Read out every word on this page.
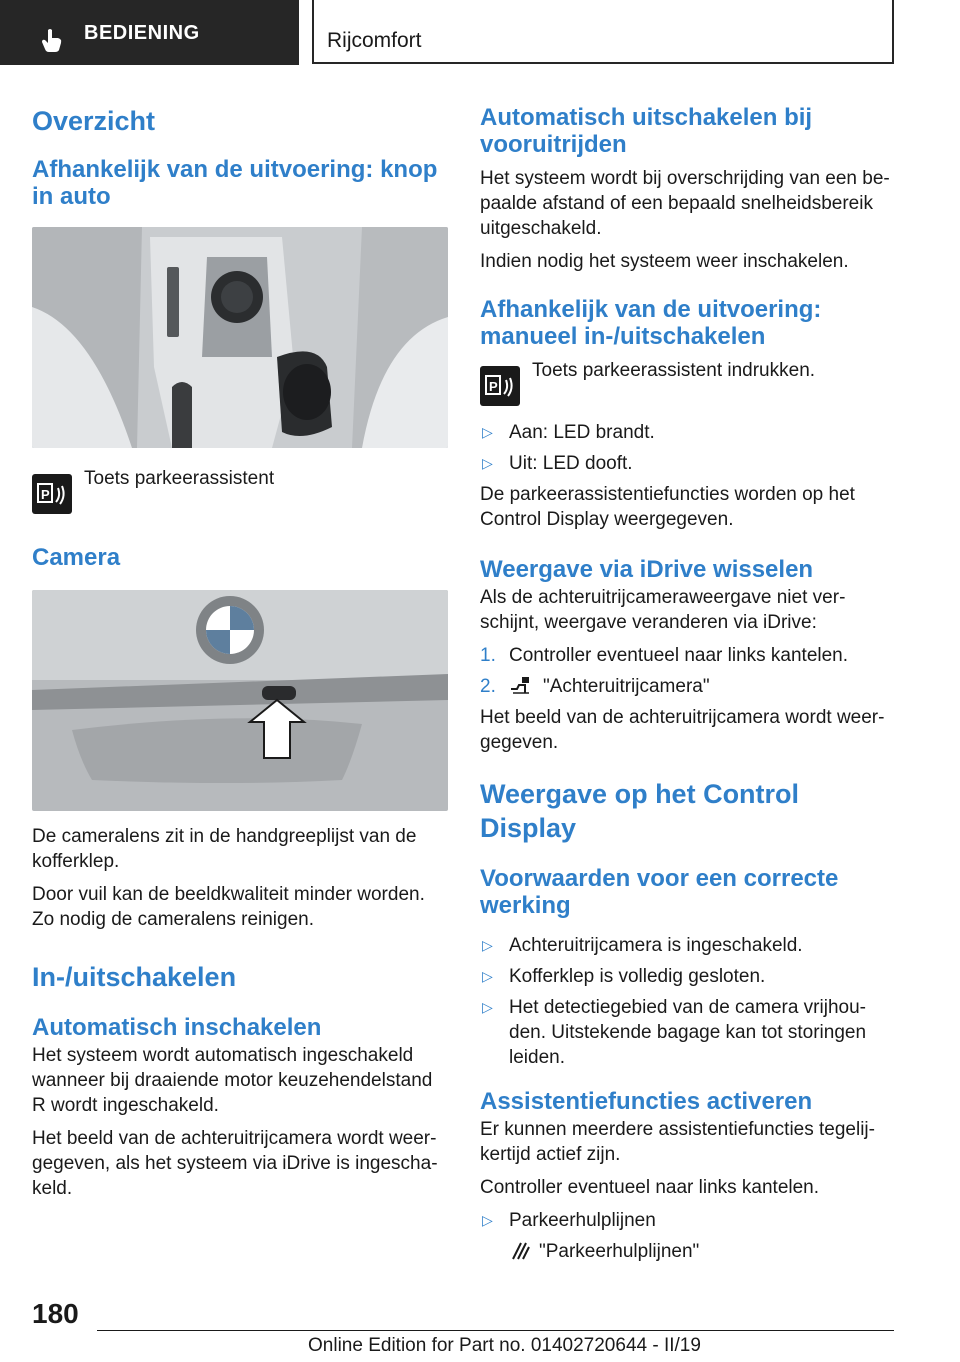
BEDIENING	Rijcomfort
Overzicht
Afhankelijk van de uitvoering: knop in auto
P
Toets parkeerassistent
Camera

De cameralens zit in de handgreeplijst van de kofferklep.

Door vuil kan de beeldkwaliteit minder worden. Zo nodig de cameralens reinigen.

In-/uitschakelen
Automatisch inschakelen

Het systeem wordt automatisch ingeschakeld wanneer bij draaiende motor keuzehendelstand R wordt ingeschakeld.

Het beeld van de achteruitrijcamera wordt weergegeven, als het systeem via iDrive is ingeschakeld.

Automatisch uitschakelen bij vooruitrijden

Het systeem wordt bij overschrijding van een bepaalde afstand of een bepaald snelheidsbereik uitgeschakeld.

Indien nodig het systeem weer inschakelen.

Afhankelijk van de uitvoering: manueel in-/uitschakelen
P
Toets parkeerassistent indrukken.
▷ Aan: LED brandt.
▷ Uit: LED dooft.

De parkeerassistentiefuncties worden op het Control Display weergegeven.

Weergave via iDrive wisselen

Als de achteruitrijcameraweergave niet verschijnt, weergave veranderen via iDrive:

1. Controller eventueel naar links kantelen.
2. "Achteruitrijcamera"

Het beeld van de achteruitrijcamera wordt weergegeven.

Weergave op het Control Display
Voorwaarden voor een correcte werking
▷ Achteruitrijcamera is ingeschakeld.
▷ Kofferklep is volledig gesloten.
▷ Het detectiegebied van de camera vrijhouden. Uitstekende bagage kan tot storingen leiden.
Assistentiefuncties activeren

Er kunnen meerdere assistentiefuncties tegelijkertijd actief zijn.

Controller eventueel naar links kantelen.

▷ Parkeerhulplijnen
"Parkeerhulplijnen"
180
Online Edition for Part no. 01402720644 - II/19
